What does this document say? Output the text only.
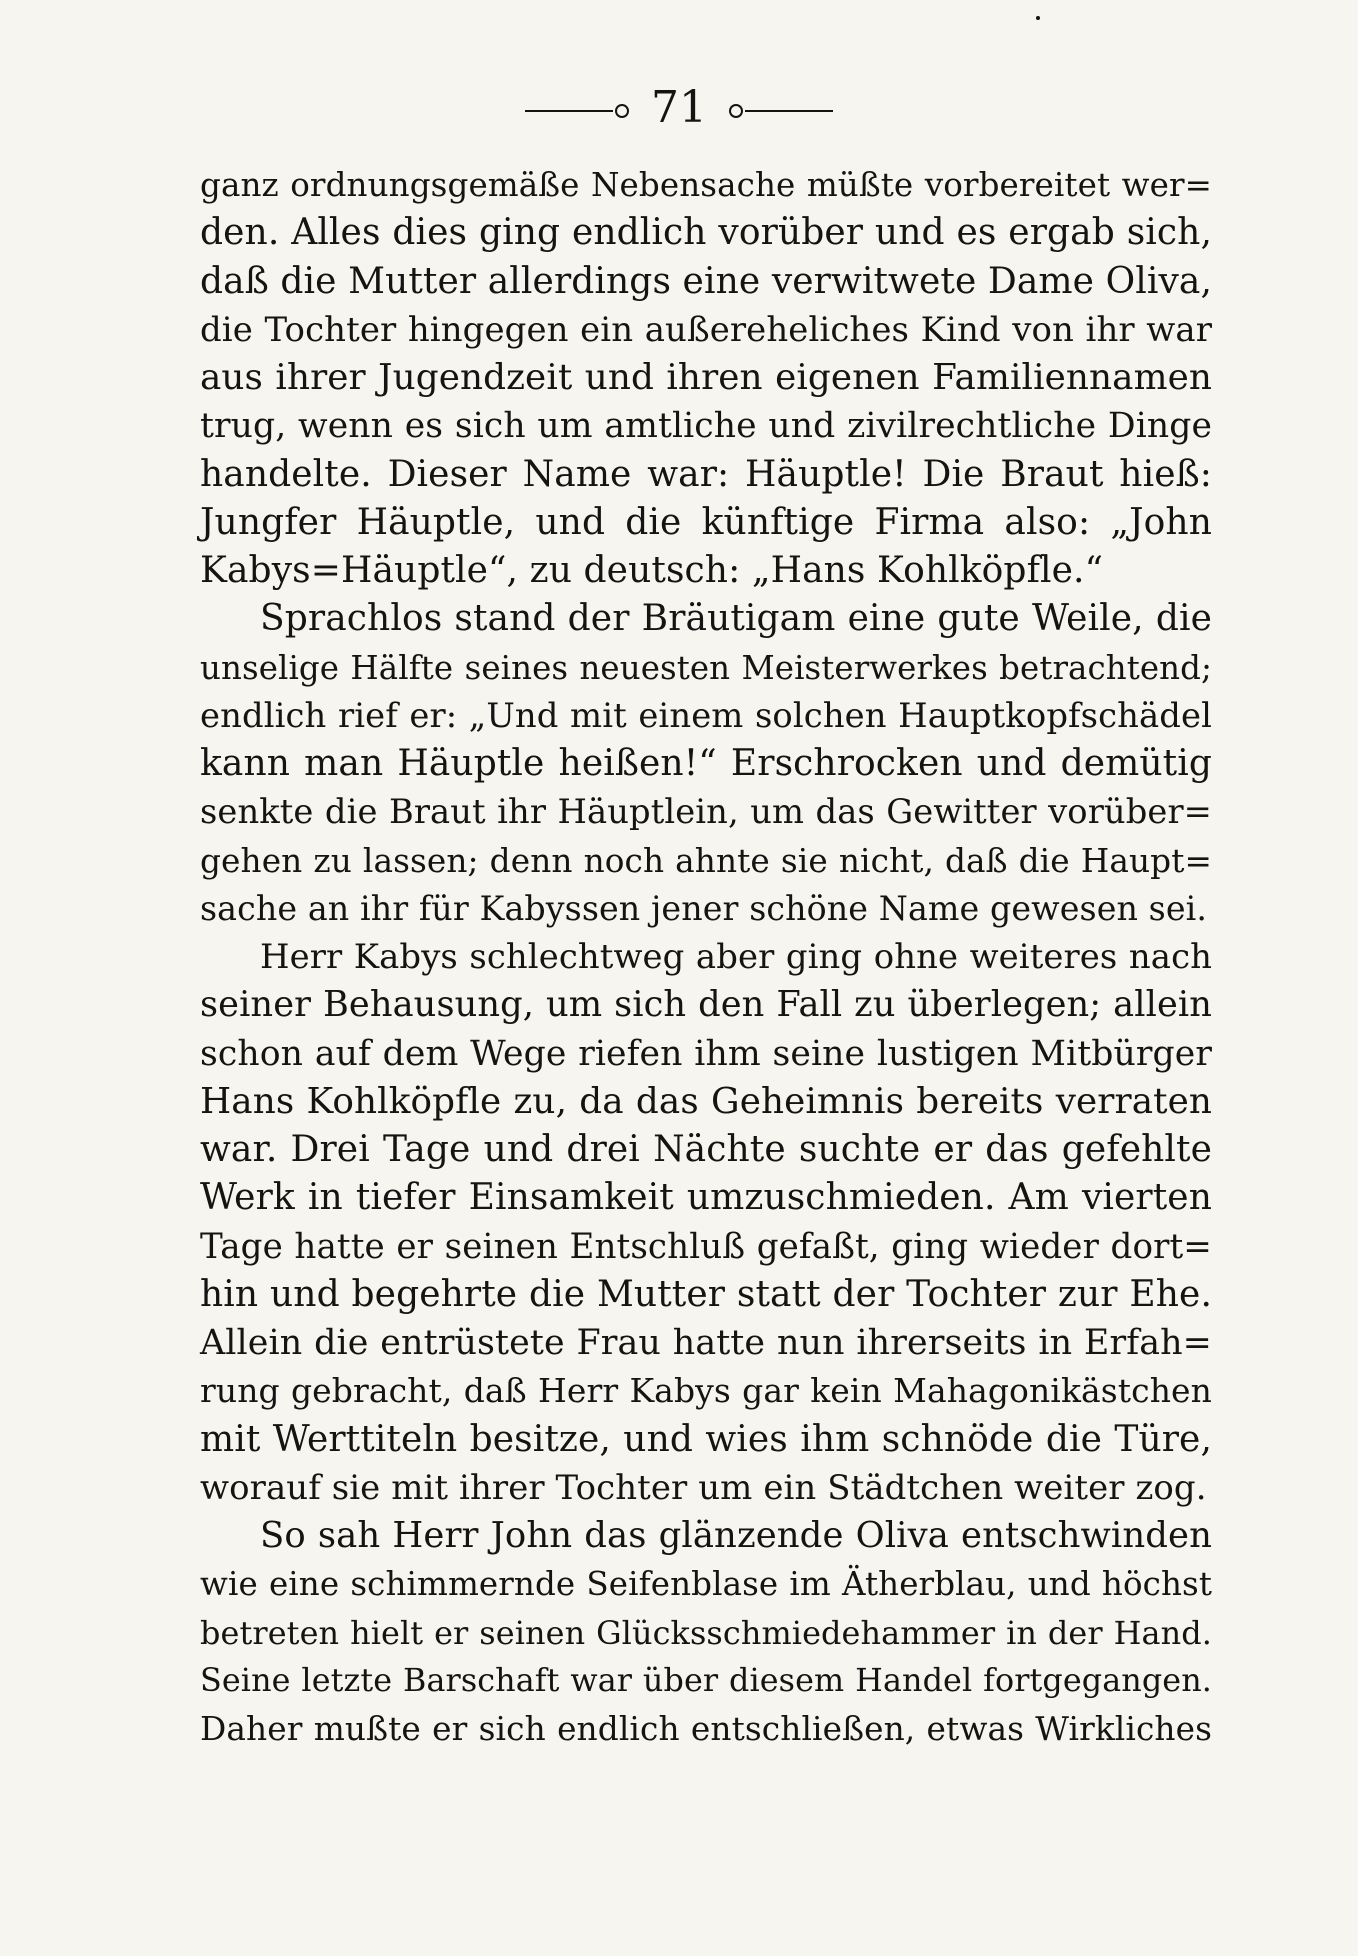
71
ganz ordnungsgemäße Nebensache müßte vorbereitet wer=
den. Alles dies ging endlich vorüber und es ergab sich,
daß die Mutter allerdings eine verwitwete Dame Oliva,
die Tochter hingegen ein außereheliches Kind von ihr war
aus ihrer Jugendzeit und ihren eigenen Familiennamen
trug, wenn es sich um amtliche und zivilrechtliche Dinge
handelte. Dieser Name war: Häuptle! Die Braut hieß:
Jungfer Häuptle, und die künftige Firma also: „John
Kabys=Häuptle“, zu deutsch: „Hans Kohlköpfle.“
Sprachlos stand der Bräutigam eine gute Weile, die
unselige Hälfte seines neuesten Meisterwerkes betrachtend;
endlich rief er: „Und mit einem solchen Hauptkopfschädel
kann man Häuptle heißen!“ Erschrocken und demütig
senkte die Braut ihr Häuptlein, um das Gewitter vorüber=
gehen zu lassen; denn noch ahnte sie nicht, daß die Haupt=
sache an ihr für Kabyssen jener schöne Name gewesen sei.
Herr Kabys schlechtweg aber ging ohne weiteres nach
seiner Behausung, um sich den Fall zu überlegen; allein
schon auf dem Wege riefen ihm seine lustigen Mitbürger
Hans Kohlköpfle zu, da das Geheimnis bereits verraten
war. Drei Tage und drei Nächte suchte er das gefehlte
Werk in tiefer Einsamkeit umzuschmieden. Am vierten
Tage hatte er seinen Entschluß gefaßt, ging wieder dort=
hin und begehrte die Mutter statt der Tochter zur Ehe.
Allein die entrüstete Frau hatte nun ihrerseits in Erfah=
rung gebracht, daß Herr Kabys gar kein Mahagonikästchen
mit Werttiteln besitze, und wies ihm schnöde die Türe,
worauf sie mit ihrer Tochter um ein Städtchen weiter zog.
So sah Herr John das glänzende Oliva entschwinden
wie eine schimmernde Seifenblase im Ätherblau, und höchst
betreten hielt er seinen Glücksschmiedehammer in der Hand.
Seine letzte Barschaft war über diesem Handel fortgegangen.
Daher mußte er sich endlich entschließen, etwas Wirkliches
